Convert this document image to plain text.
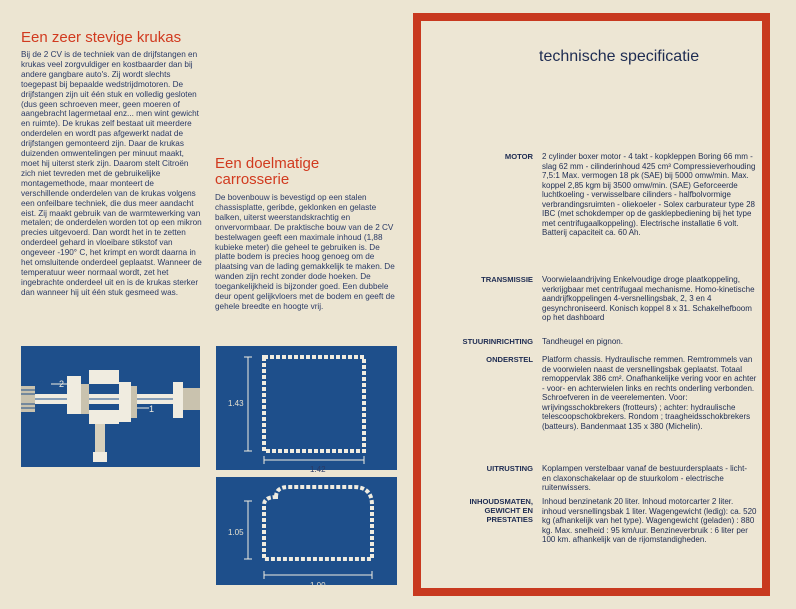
Een zeer stevige krukas

Bij de 2 CV is de techniek van de drijfstangen en krukas veel zorgvuldiger en kostbaarder dan bij andere gangbare auto's. Zij wordt slechts toegepast bij bepaalde wedstrijdmotoren. De drijfstangen zijn uit één stuk en volledig gesloten (dus geen schroeven meer, geen moeren of aangebracht lagermetaal enz... men wint gewicht en ruimte). De krukas zelf bestaat uit meerdere onderdelen en wordt pas afgewerkt nadat de drijfstangen gemonteerd zijn. Daar de krukas duizenden omwentelingen per minuut maakt, moet hij uiterst sterk zijn. Daarom stelt Citroën zich niet tevreden met de gebruikelijke montagemethode, maar monteert de verschillende onderdelen van de krukas volgens een onfeilbare techniek, die dus meer aandacht eist. Zij maakt gebruik van de warmtewerking van metalen; de onderdelen worden tot op een mikron precies uitgevoerd. Dan wordt het in te zetten onderdeel gehard in vloeibare stikstof van ongeveer -190° C, het krimpt en wordt daarna in het omsluitende onderdeel geplaatst. Wanneer de temperatuur weer normaal wordt, zet het ingebrachte onderdeel uit en is de krukas sterker dan wanneer hij uit één stuk gesmeed was.

2
1
Een doelmatige
carrosserie

De bovenbouw is bevestigd op een stalen chassisplatte, geribde, geklonken en gelaste balken, uiterst weerstandskrachtig en onvervormbaar. De praktische bouw van de 2 CV bestelwagen geeft een maximale inhoud (1,88 kubieke meter) die geheel te gebruiken is. De platte bodem is precies hoog genoeg om de plaatsing van de lading gemakkelijk te maken. De wanden zijn recht zonder dode hoeken. De toegankelijkheid is bijzonder goed. Een dubbele deur opent gelijkvloers met de bodem en geeft de gehele breedte en hoogte vrij.

1.43
1.42
1.05
1.00
technische specificatie
MOTOR 2 cylinder boxer motor - 4 takt - kopkleppen Boring 66 mm - slag 62 mm - cilinderinhoud 425 cm³ Compressieverhouding 7,5:1 Max. vermogen 18 pk (SAE) bij 5000 omw/min. Max. koppel 2,85 kgm bij 3500 omw/min. (SAE) Geforceerde luchtkoeling - verwisselbare cilinders - halfbolvormige verbrandingsruimten - oliekoeler - Solex carburateur type 28 IBC (met schokdemper op de gasklepbediening bij het type met centrifugaalkoppeling). Electrische installatie 6 volt. Batterij capaciteit ca. 60 Ah.

TRANSMISSIE Voorwielaandrijving Enkelvoudige droge plaatkoppeling, verkrijgbaar met centrifugaal mechanisme. Homo-kinetische aandrijfkoppelingen 4-versnellingsbak, 2, 3 en 4 gesynchroniseerd. Konisch koppel 8 x 31. Schakelhefboom op het dashboard

STUURINRICHTING Tandheugel en pignon.

ONDERSTEL Platform chassis. Hydraulische remmen. Remtrommels van de voorwielen naast de versnellingsbak geplaatst. Totaal remoppervlak 386 cm². Onafhankelijke vering voor en achter - voor- en achterwielen links en rechts onderling verbonden. Schroefveren in de veerelementen. Voor: wrijvingsschokbrekers (frotteurs) ; achter: hydraulische telescoopschokbrekers. Rondom ; traagheidsschokbrekers (batteurs). Bandenmaat 135 x 380 (Michelin).

UITRUSTING Koplampen verstelbaar vanaf de bestuurdersplaats - licht- en claxonschakelaar op de stuurkolom - electrische ruitenwissers.

INHOUDSMATEN,
GEWICHT EN
PRESTATIES

Inhoud benzinetank 20 liter. Inhoud motorcarter 2 liter. inhoud versnellingsbak 1 liter. Wagengewicht (ledig): ca. 520 kg (afhankelijk van het type). Wagengewicht (geladen) : 880 kg. Max. snelheid : 95 km/uur. Benzineverbruik : 6 liter per 100 km. afhankelijk van de rijomstandigheden.
